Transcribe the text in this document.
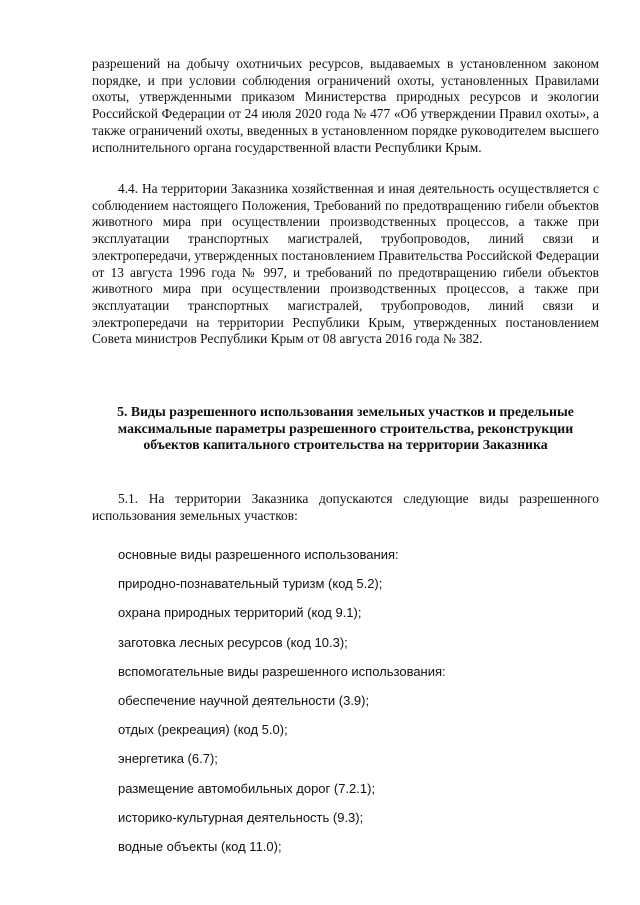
разрешений на добычу охотничьих ресурсов, выдаваемых в установленном законом порядке, и при условии соблюдения ограничений охоты, установленных Правилами охоты, утвержденными приказом Министерства природных ресурсов и экологии Российской Федерации от 24 июля 2020 года № 477 «Об утверждении Правил охоты», а также ограничений охоты, введенных в установленном порядке руководителем высшего исполнительного органа государственной власти Республики Крым.

4.4. На территории Заказника хозяйственная и иная деятельность осуществляется с соблюдением настоящего Положения, Требований по предотвращению гибели объектов животного мира при осуществлении производственных процессов, а также при эксплуатации транспортных магистралей, трубопроводов, линий связи и электропередачи, утвержденных постановлением Правительства Российской Федерации от 13 августа 1996 года № 997, и требований по предотвращению гибели объектов животного мира при осуществлении производственных процессов, а также при эксплуатации транспортных магистралей, трубопроводов, линий связи и электропередачи на территории Республики Крым, утвержденных постановлением Совета министров Республики Крым от 08 августа 2016 года № 382.

5. Виды разрешенного использования земельных участков и предельные максимальные параметры разрешенного строительства, реконструкции объектов капитального строительства на территории Заказника

5.1. На территории Заказника допускаются следующие виды разрешенного использования земельных участков:

основные виды разрешенного использования:
природно-познавательный туризм (код 5.2);
охрана природных территорий (код 9.1);
заготовка лесных ресурсов (код 10.3);
вспомогательные виды разрешенного использования:
обеспечение научной деятельности (3.9);
отдых (рекреация) (код 5.0);
энергетика (6.7);
размещение автомобильных дорог (7.2.1);
историко-культурная деятельность (9.3);
водные объекты (код 11.0);
